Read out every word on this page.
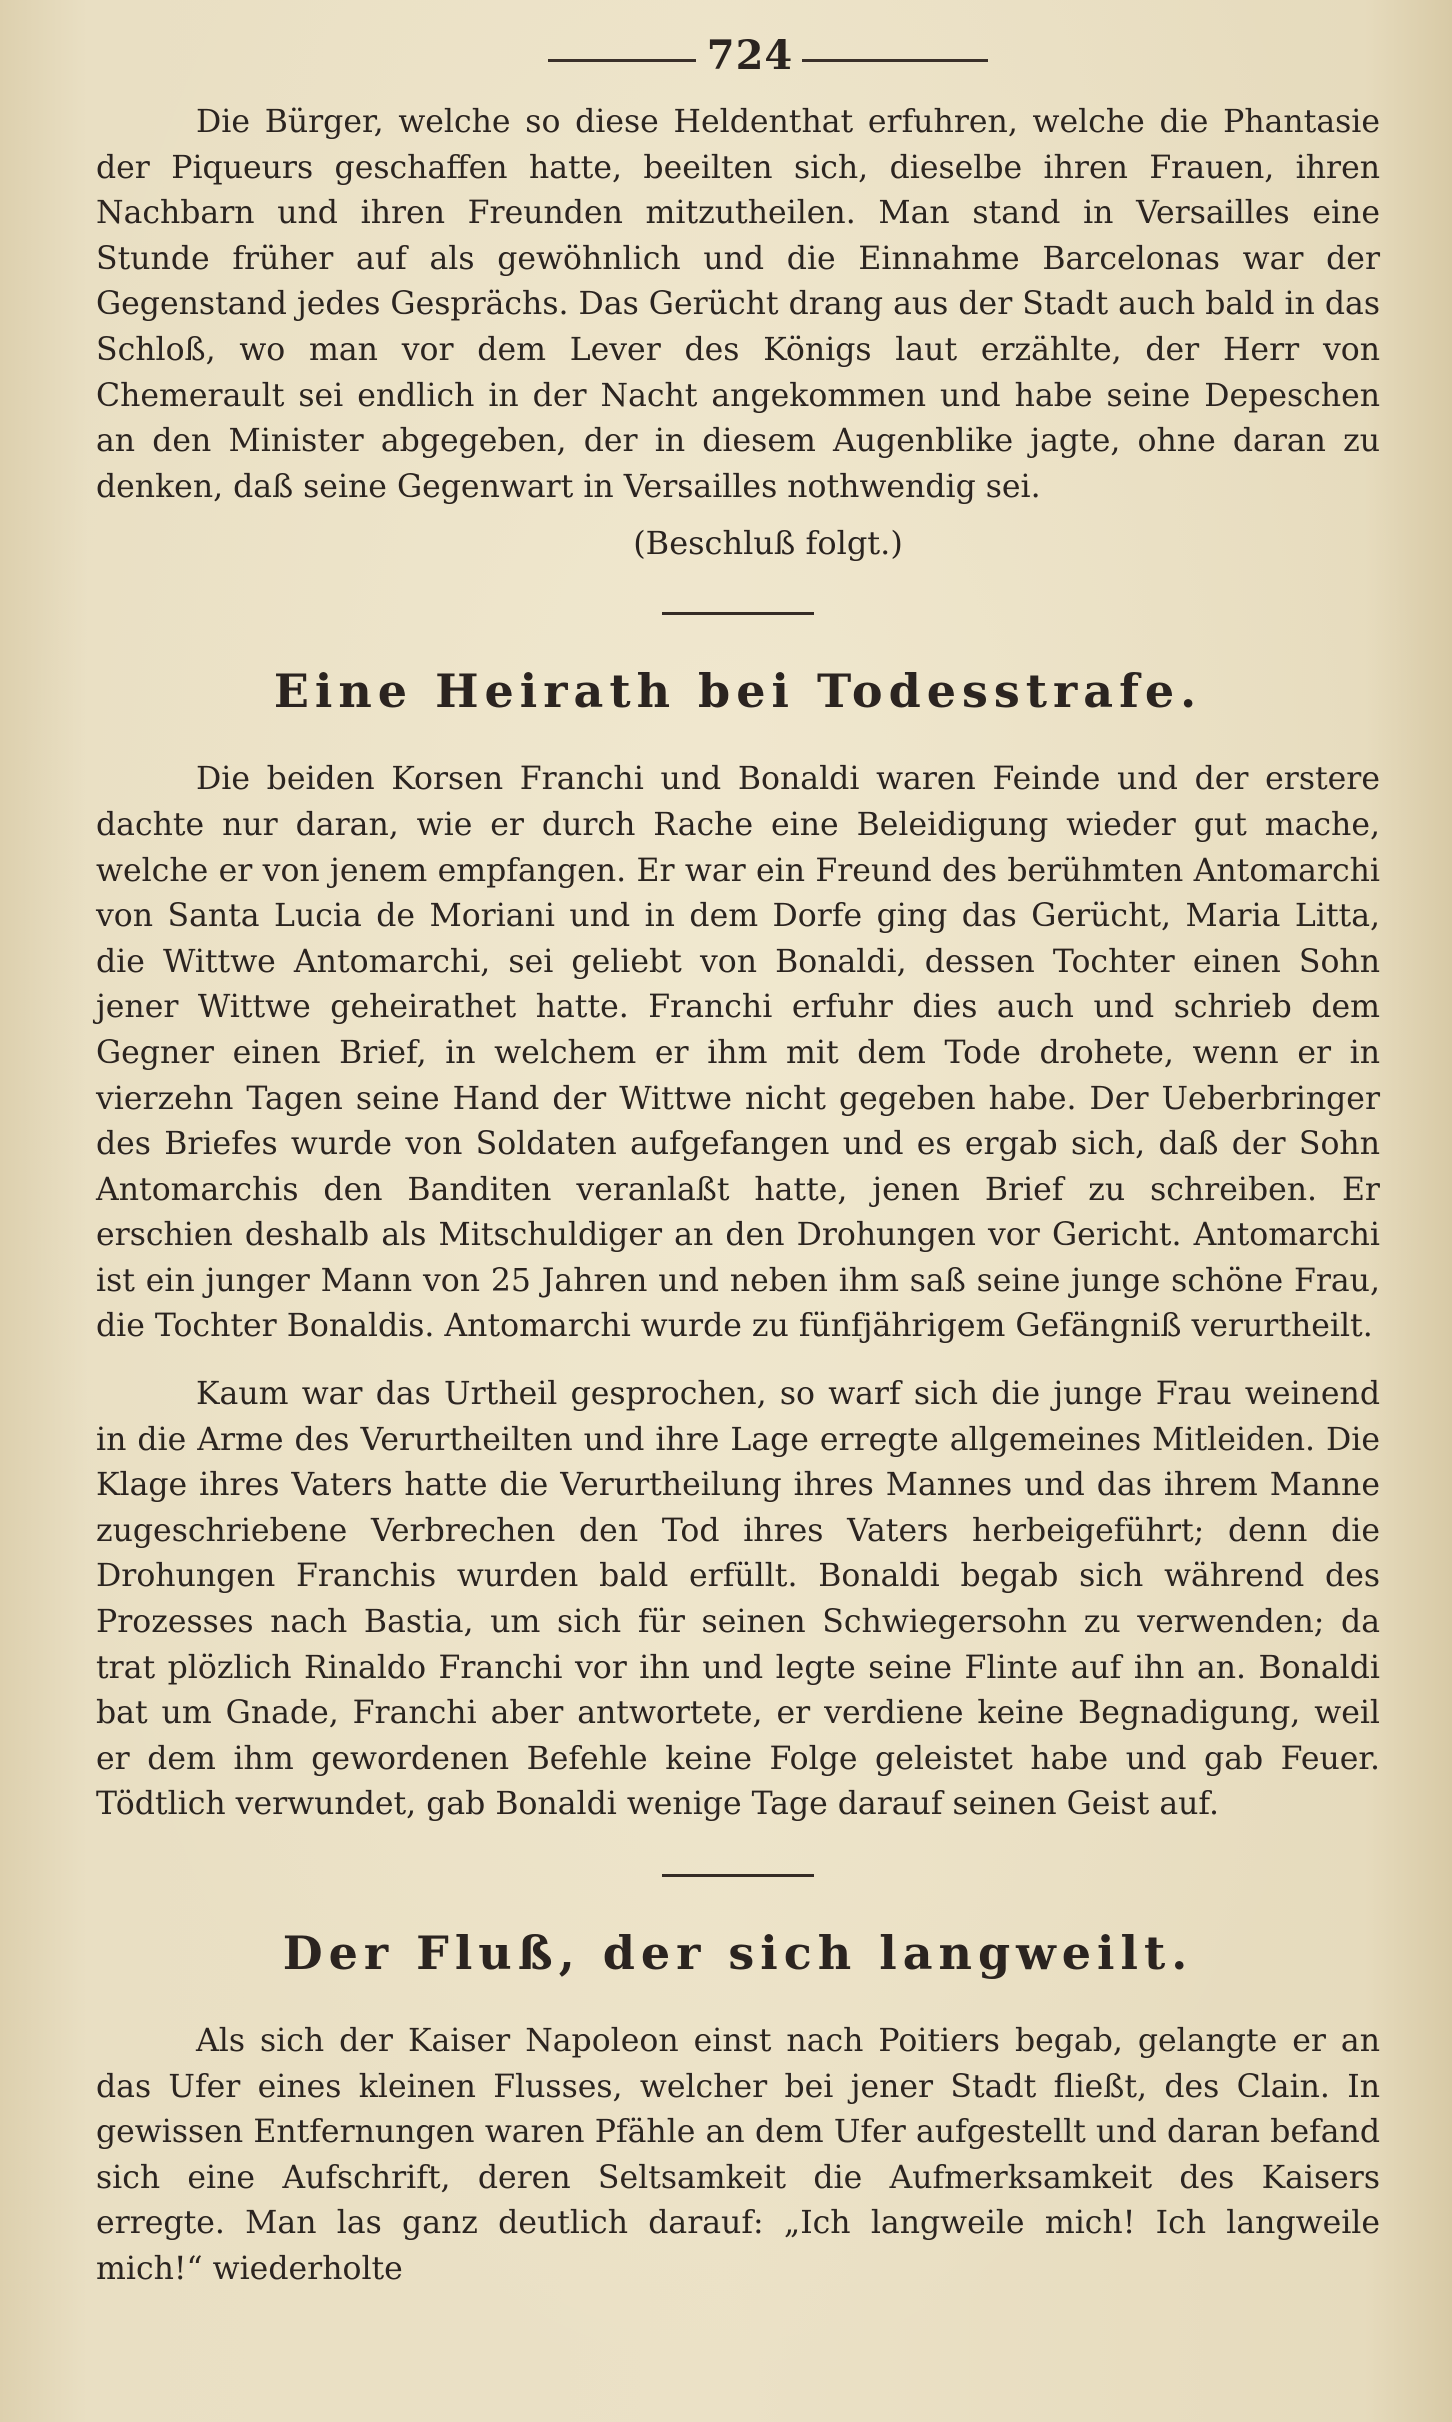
724

Die Bürger, welche so diese Heldenthat erfuhren, welche die Phantasie der Piqueurs geschaffen hatte, beeilten sich, dieselbe ihren Frauen, ihren Nachbarn und ihren Freunden mitzutheilen. Man stand in Versailles eine Stunde früher auf als gewöhnlich und die Einnahme Barcelonas war der Gegenstand jedes Gesprächs. Das Gerücht drang aus der Stadt auch bald in das Schloß, wo man vor dem Lever des Königs laut erzählte, der Herr von Chemerault sei endlich in der Nacht angekommen und habe seine Depeschen an den Minister abgegeben, der in diesem Augenblike jagte, ohne daran zu denken, daß seine Gegenwart in Versailles nothwendig sei.

(Beschluß folgt.)
Eine Heirath bei Todesstrafe.

Die beiden Korsen Franchi und Bonaldi waren Feinde und der erstere dachte nur daran, wie er durch Rache eine Beleidigung wieder gut mache, welche er von jenem empfangen. Er war ein Freund des berühmten Antomarchi von Santa Lucia de Moriani und in dem Dorfe ging das Gerücht, Maria Litta, die Wittwe Antomarchi, sei geliebt von Bonaldi, dessen Tochter einen Sohn jener Wittwe geheirathet hatte. Franchi erfuhr dies auch und schrieb dem Gegner einen Brief, in welchem er ihm mit dem Tode drohete, wenn er in vierzehn Tagen seine Hand der Wittwe nicht gegeben habe. Der Ueberbringer des Briefes wurde von Soldaten aufgefangen und es ergab sich, daß der Sohn Antomarchis den Banditen veranlaßt hatte, jenen Brief zu schreiben. Er erschien deshalb als Mitschuldiger an den Drohungen vor Gericht. Antomarchi ist ein junger Mann von 25 Jahren und neben ihm saß seine junge schöne Frau, die Tochter Bonaldis. Antomarchi wurde zu fünfjährigem Gefängniß verurtheilt.

Kaum war das Urtheil gesprochen, so warf sich die junge Frau weinend in die Arme des Verurtheilten und ihre Lage erregte allgemeines Mitleiden. Die Klage ihres Vaters hatte die Verurtheilung ihres Mannes und das ihrem Manne zugeschriebene Verbrechen den Tod ihres Vaters herbeigeführt; denn die Drohungen Franchis wurden bald erfüllt. Bonaldi begab sich während des Prozesses nach Bastia, um sich für seinen Schwiegersohn zu verwenden; da trat plözlich Rinaldo Franchi vor ihn und legte seine Flinte auf ihn an. Bonaldi bat um Gnade, Franchi aber antwortete, er verdiene keine Begnadigung, weil er dem ihm gewordenen Befehle keine Folge geleistet habe und gab Feuer. Tödtlich verwundet, gab Bonaldi wenige Tage darauf seinen Geist auf.

Der Fluß, der sich langweilt.

Als sich der Kaiser Napoleon einst nach Poitiers begab, gelangte er an das Ufer eines kleinen Flusses, welcher bei jener Stadt fließt, des Clain. In gewissen Entfernungen waren Pfähle an dem Ufer aufgestellt und daran befand sich eine Aufschrift, deren Seltsamkeit die Aufmerksamkeit des Kaisers erregte. Man las ganz deutlich darauf: „Ich langweile mich! Ich langweile mich!“ wiederholte
